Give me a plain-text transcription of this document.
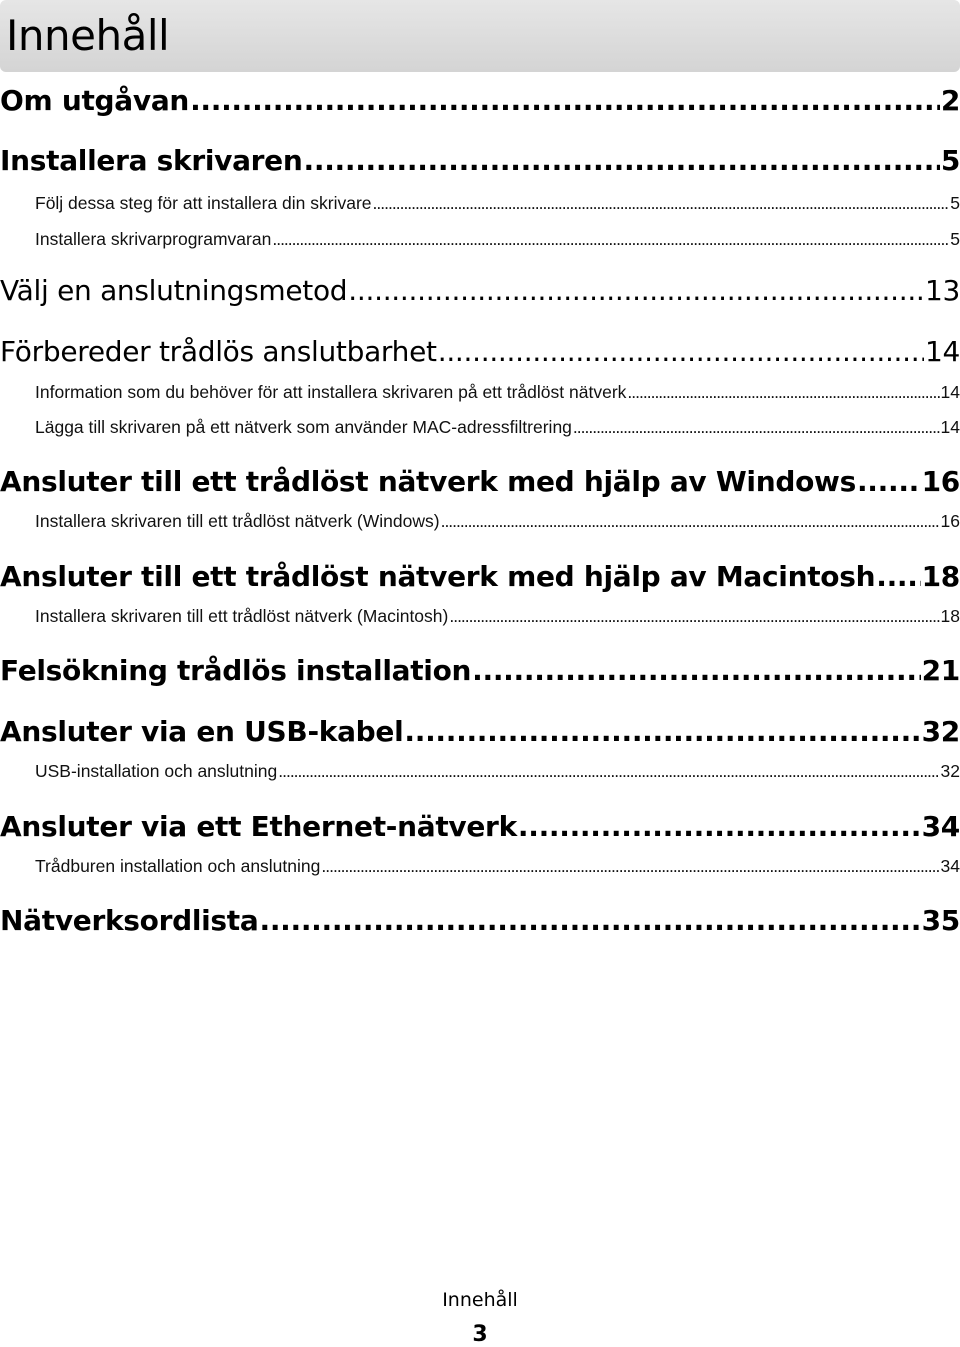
Innehåll
Om utgåvan .....	2
Installera skrivaren .....	5
Följ dessa steg för att installera din skrivare .....	5
Installera skrivarprogramvaran .....	5
Välj en anslutningsmetod .....	13
Förbereder trådlös anslutbarhet .....	14
Information som du behöver för att installera skrivaren på ett trådlöst nätverk .....	14
Lägga till skrivaren på ett nätverk som använder MAC-adressfiltrering .....	14
Ansluter till ett trådlöst nätverk med hjälp av Windows ..... 16
Installera skrivaren till ett trådlöst nätverk (Windows) .....	16
Ansluter till ett trådlöst nätverk med hjälp av Macintosh ..... 18
Installera skrivaren till ett trådlöst nätverk (Macintosh) .....	18
Felsökning trådlös installation .....	21
Ansluter via en USB-kabel .....	32
USB-installation och anslutning .....	32
Ansluter via ett Ethernet-nätverk .....	34
Trådburen installation och anslutning .....	34
Nätverksordlista .....	35
Innehåll
3
